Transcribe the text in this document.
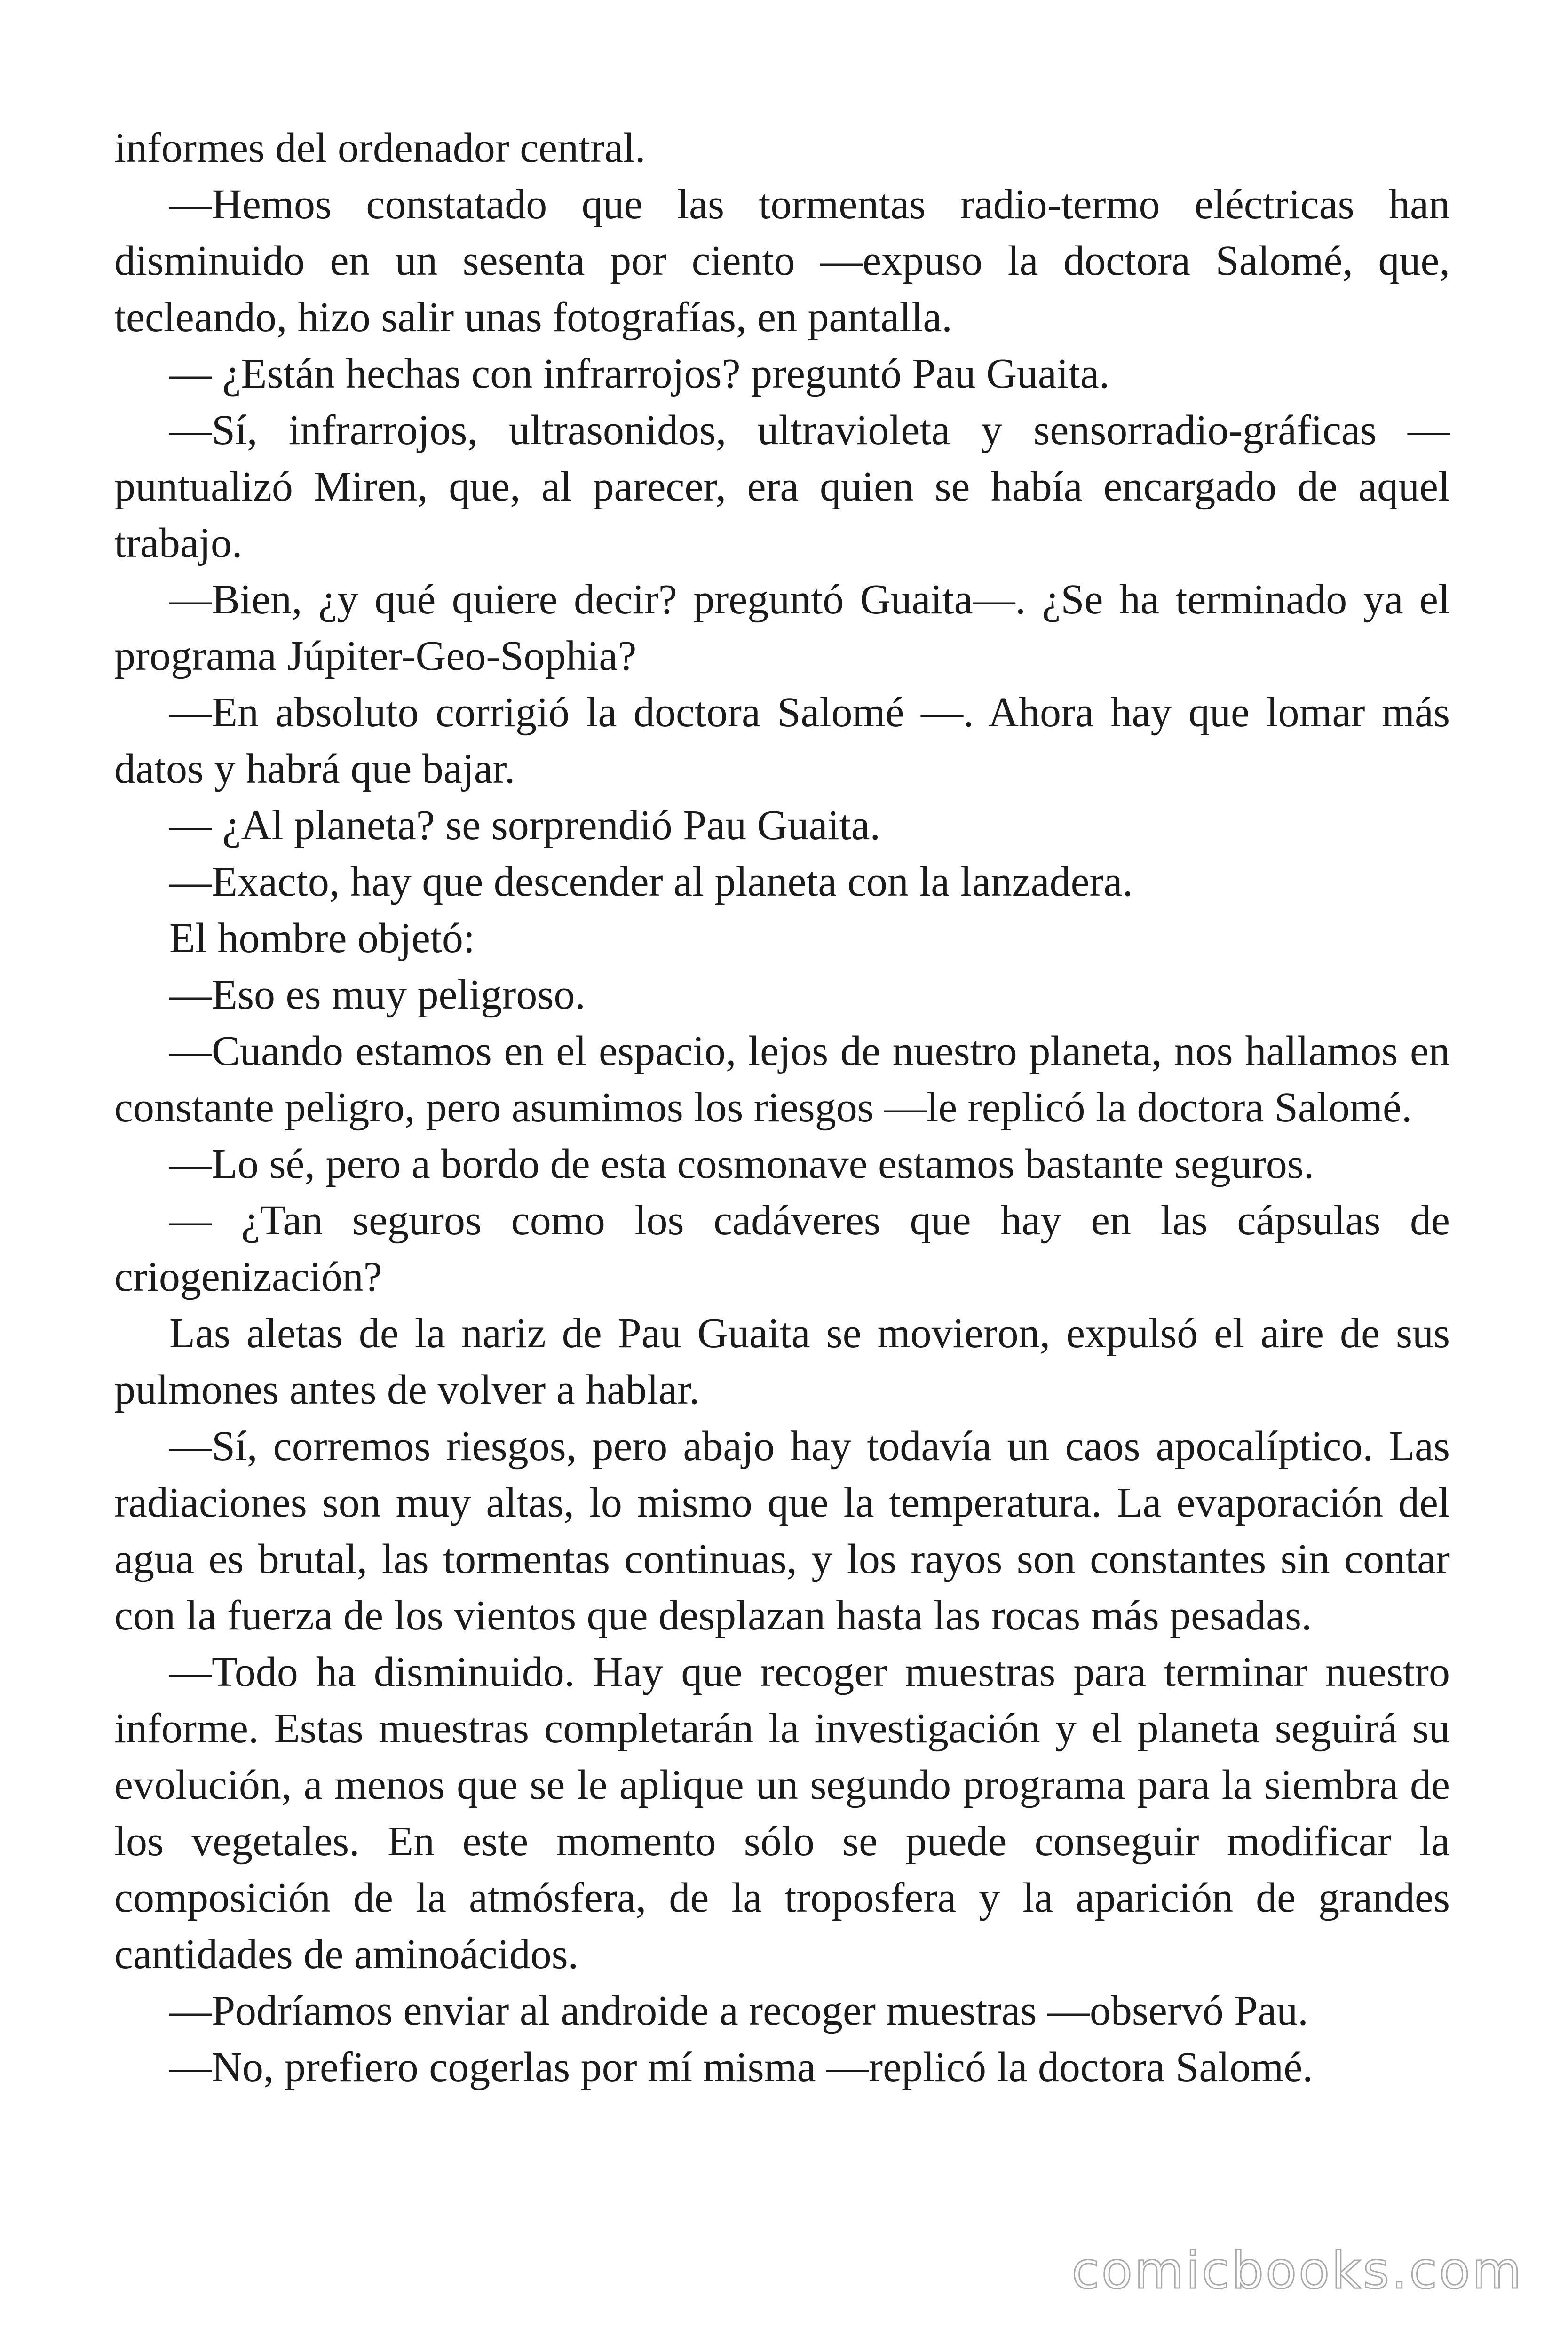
informes del ordenador central.

—Hemos constatado que las tormentas radio-termo eléctricas han disminuido en un sesenta por ciento —expuso la doctora Salomé, que, tecleando, hizo salir unas fotografías, en pantalla.

— ¿Están hechas con infrarrojos? preguntó Pau Guaita.

—Sí, infrarrojos, ultrasonidos, ultravioleta y sensorradio-gráficas — puntualizó Miren, que, al parecer, era quien se había encargado de aquel trabajo.

—Bien, ¿y qué quiere decir? preguntó Guaita—. ¿Se ha terminado ya el programa Júpiter-Geo-Sophia?

—En absoluto corrigió la doctora Salomé —. Ahora hay que lomar más datos y habrá que bajar.

— ¿Al planeta? se sorprendió Pau Guaita.

—Exacto, hay que descender al planeta con la lanzadera.

El hombre objetó:

—Eso es muy peligroso.

—Cuando estamos en el espacio, lejos de nuestro planeta, nos hallamos en constante peligro, pero asumimos los riesgos —le replicó la doctora Salomé.

—Lo sé, pero a bordo de esta cosmonave estamos bastante seguros.

— ¿Tan seguros como los cadáveres que hay en las cápsulas de criogenización?

Las aletas de la nariz de Pau Guaita se movieron, expulsó el aire de sus pulmones antes de volver a hablar.

—Sí, corremos riesgos, pero abajo hay todavía un caos apocalíptico. Las radiaciones son muy altas, lo mismo que la temperatura. La evaporación del agua es brutal, las tormentas continuas, y los rayos son constantes sin contar con la fuerza de los vientos que desplazan hasta las rocas más pesadas.

—Todo ha disminuido. Hay que recoger muestras para terminar nuestro informe. Estas muestras completarán la investigación y el planeta seguirá su evolución, a menos que se le aplique un segundo programa para la siembra de los vegetales. En este momento sólo se puede conseguir modificar la composición de la atmósfera, de la troposfera y la aparición de grandes cantidades de aminoácidos.

—Podríamos enviar al androide a recoger muestras —observó Pau.

—No, prefiero cogerlas por mí misma —replicó la doctora Salomé.

comicbooks.com
